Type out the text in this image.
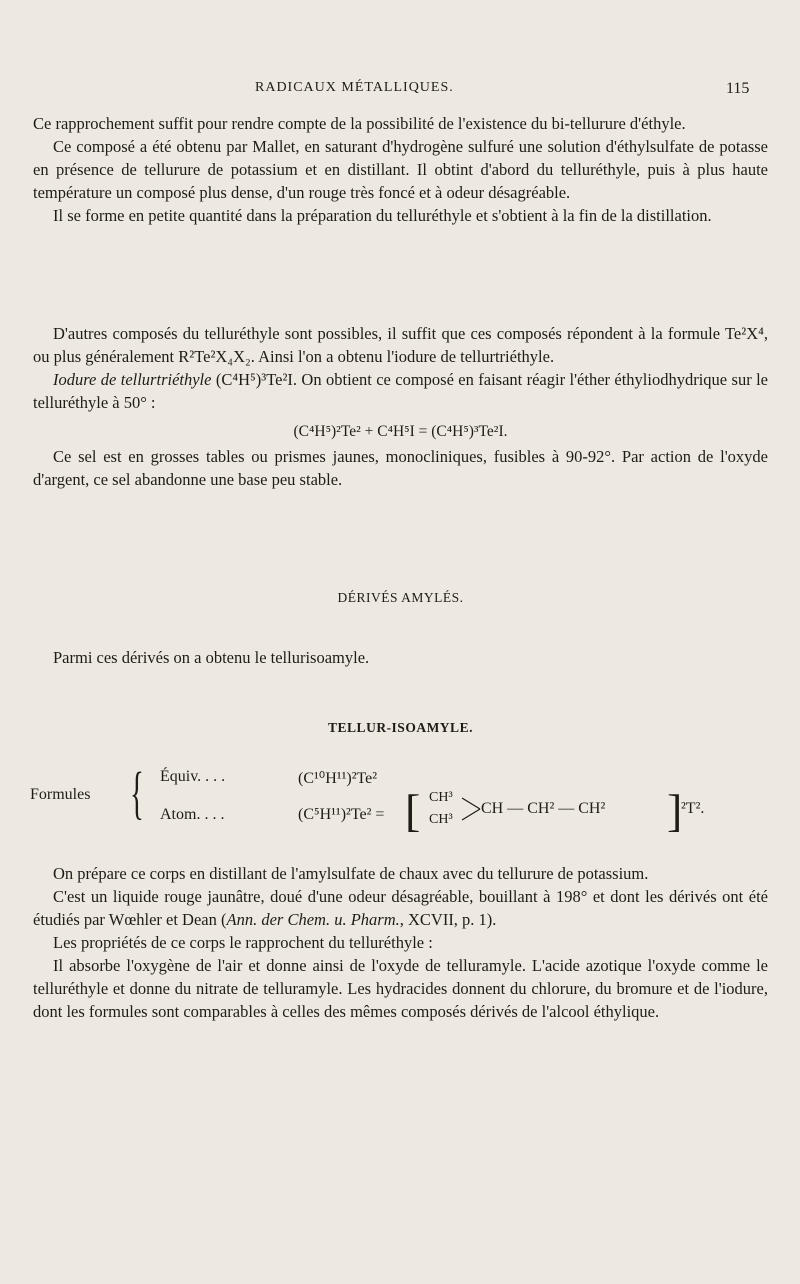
RADICAUX MÉTALLIQUES.	115

Ce rapprochement suffit pour rendre compte de la possibilité de l'existence du bi-tellurure d'éthyle.

Ce composé a été obtenu par Mallet, en saturant d'hydrogène sulfuré une solution d'éthylsulfate de potasse en présence de tellurure de potassium et en distillant. Il obtint d'abord du telluréthyle, puis à plus haute température un composé plus dense, d'un rouge très foncé et à odeur désagréable.

Il se forme en petite quantité dans la préparation du telluréthyle et s'obtient à la fin de la distillation.

D'autres composés du telluréthyle sont possibles, il suffit que ces composés répondent à la formule Te²X⁴, ou plus généralement R²Te²X₄X₂. Ainsi l'on a obtenu l'iodure de tellurtriéthyle.

Iodure de tellurtriéthyle (C⁴H⁵)³Te²I. On obtient ce composé en faisant réagir l'éther éthyliodhydrique sur le telluréthyle à 50° :

(C⁴H⁵)²Te² + C⁴H⁵I = (C⁴H⁵)³Te²I.

Ce sel est en grosses tables ou prismes jaunes, monocliniques, fusibles à 90-92°. Par action de l'oxyde d'argent, ce sel abandonne une base peu stable.

DÉRIVÉS AMYLÉS.

Parmi ces dérivés on a obtenu le tellurisoamyle.

TELLUR-ISOAMYLE.
Formules { Équiv. . . .	(C¹⁰H¹¹)²Te²
Atom. . . .	(C⁵H¹¹)²Te² = [ CH³
CH³
CH — CH² — CH² ]
²T².

On prépare ce corps en distillant de l'amylsulfate de chaux avec du tellurure de potassium.

C'est un liquide rouge jaunâtre, doué d'une odeur désagréable, bouillant à 198° et dont les dérivés ont été étudiés par Wœhler et Dean (Ann. der Chem. u. Pharm., XCVII, p. 1).

Les propriétés de ce corps le rapprochent du telluréthyle :

Il absorbe l'oxygène de l'air et donne ainsi de l'oxyde de telluramyle. L'acide azotique l'oxyde comme le telluréthyle et donne du nitrate de telluramyle. Les hydracides donnent du chlorure, du bromure et de l'iodure, dont les formules sont comparables à celles des mêmes composés dérivés de l'alcool éthylique.
